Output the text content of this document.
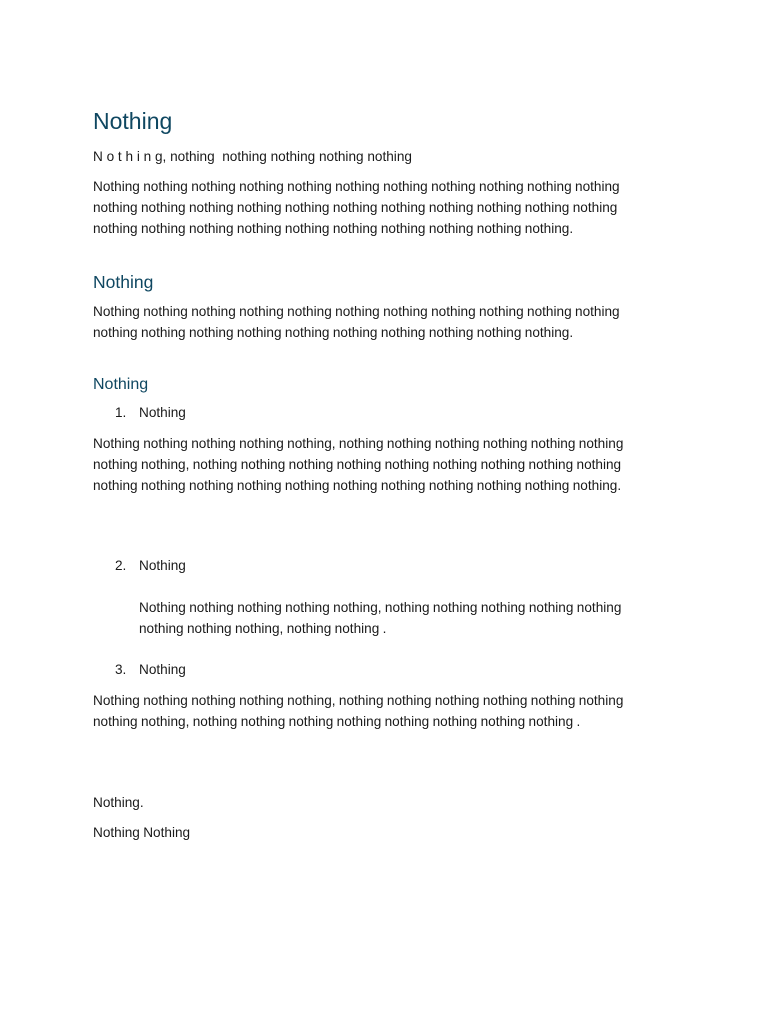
Nothing

N o t h i n g, nothing  nothing nothing nothing nothing

Nothing nothing nothing nothing nothing nothing nothing nothing nothing nothing nothing nothing nothing nothing nothing nothing nothing nothing nothing nothing nothing nothing nothing nothing nothing nothing nothing nothing nothing nothing nothing nothing.

Nothing

Nothing nothing nothing nothing nothing nothing nothing nothing nothing nothing nothing nothing nothing nothing nothing nothing nothing nothing nothing nothing nothing.

Nothing
1. Nothing

Nothing nothing nothing nothing nothing, nothing nothing nothing nothing nothing nothing nothing nothing, nothing nothing nothing nothing nothing nothing nothing nothing nothing nothing nothing nothing nothing nothing nothing nothing nothing nothing nothing nothing.

2. Nothing

Nothing nothing nothing nothing nothing, nothing nothing nothing nothing nothing nothing nothing nothing, nothing nothing .

3. Nothing

Nothing nothing nothing nothing nothing, nothing nothing nothing nothing nothing nothing nothing nothing, nothing nothing nothing nothing nothing nothing nothing nothing .

Nothing.

Nothing Nothing
